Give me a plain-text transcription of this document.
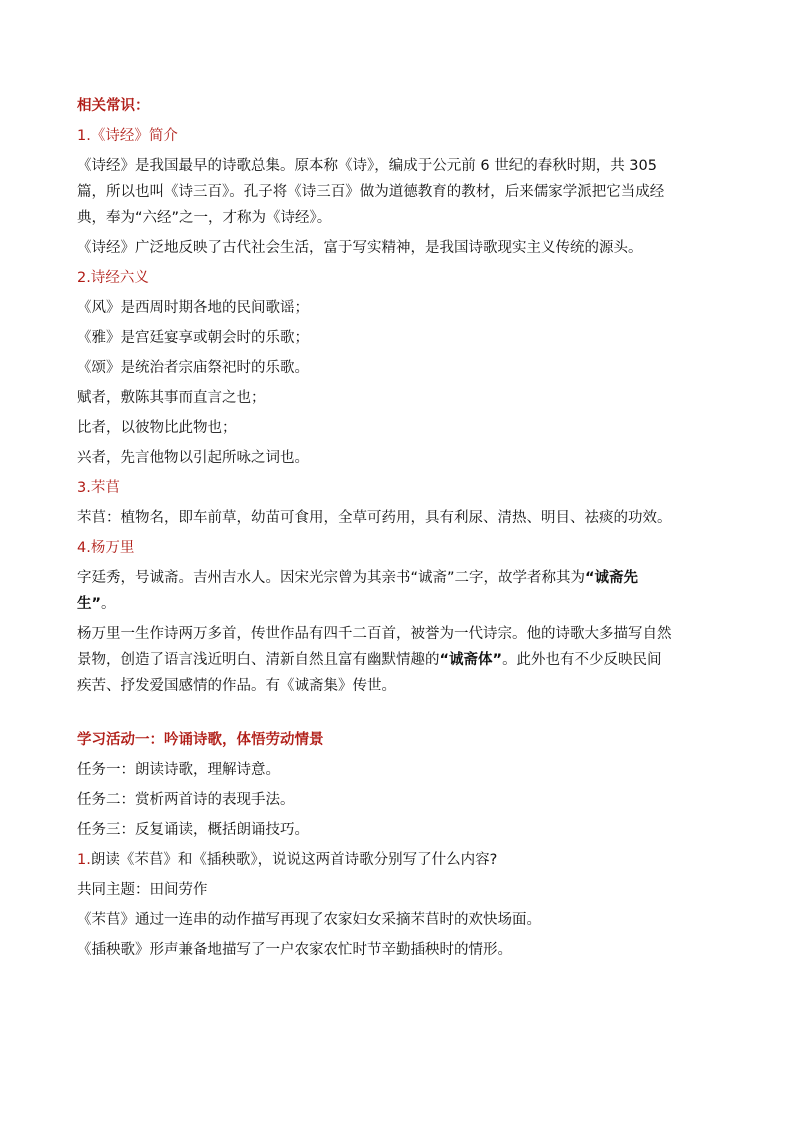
相关常识：
1.《诗经》简介
《诗经》是我国最早的诗歌总集。原本称《诗》，编成于公元前 6 世纪的春秋时期，共 305
篇，所以也叫《诗三百》。孔子将《诗三百》做为道德教育的教材，后来儒家学派把它当成经
典，奉为“六经”之一，才称为《诗经》。
《诗经》广泛地反映了古代社会生活，富于写实精神，是我国诗歌现实主义传统的源头。
2.诗经六义
《风》是西周时期各地的民间歌谣；
《雅》是宫廷宴享或朝会时的乐歌；
《颂》是统治者宗庙祭祀时的乐歌。
赋者，敷陈其事而直言之也；
比者，以彼物比此物也；
兴者，先言他物以引起所咏之词也。
3.芣苢
芣苢：植物名，即车前草，幼苗可食用，全草可药用，具有利尿、清热、明目、祛痰的功效。
4.杨万里
字廷秀，号诚斋。吉州吉水人。因宋光宗曾为其亲书“诚斋”二字，故学者称其为“诚斋先
生”。
杨万里一生作诗两万多首，传世作品有四千二百首，被誉为一代诗宗。他的诗歌大多描写自然
景物，创造了语言浅近明白、清新自然且富有幽默情趣的“诚斋体”。此外也有不少反映民间
疾苦、抒发爱国感情的作品。有《诚斋集》传世。
学习活动一：吟诵诗歌，体悟劳动情景
任务一：朗读诗歌，理解诗意。
任务二：赏析两首诗的表现手法。
任务三：反复诵读，概括朗诵技巧。
1.朗读《芣苢》和《插秧歌》，说说这两首诗歌分别写了什么内容?
共同主题：田间劳作
《芣苢》通过一连串的动作描写再现了农家妇女采摘芣苢时的欢快场面。
《插秧歌》形声兼备地描写了一户农家农忙时节辛勤插秧时的情形。
